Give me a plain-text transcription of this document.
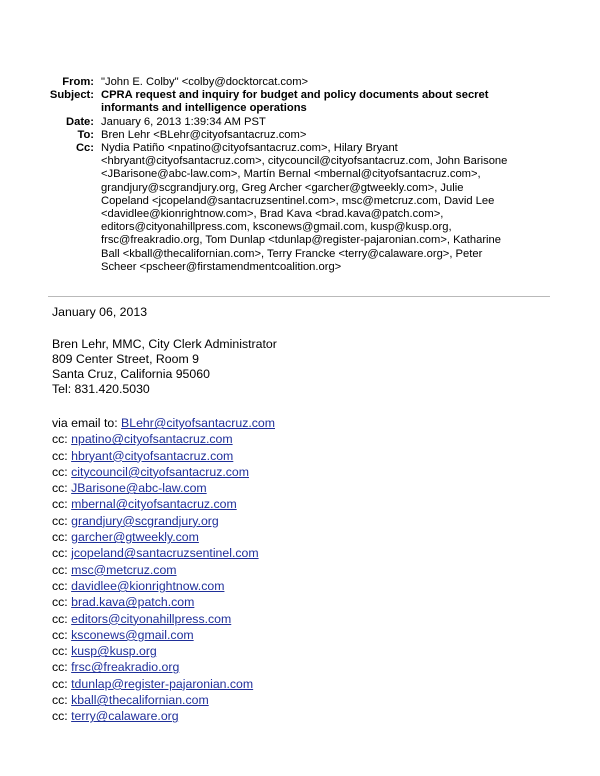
From: "John E. Colby" <colby@docktorcat.com>
Subject: CPRA request and inquiry for budget and policy documents about secret
informants and intelligence operations
Date: January 6, 2013 1:39:34 AM PST
To: Bren Lehr <BLehr@cityofsantacruz.com>
Cc: Nydia Patiño <npatino@cityofsantacruz.com>, Hilary Bryant
<hbryant@cityofsantacruz.com>, citycouncil@cityofsantacruz.com, John Barisone
<JBarisone@abc-law.com>, Martín Bernal <mbernal@cityofsantacruz.com>,
grandjury@scgrandjury.org, Greg Archer <garcher@gtweekly.com>, Julie
Copeland <jcopeland@santacruzsentinel.com>, msc@metcruz.com, David Lee
<davidlee@kionrightnow.com>, Brad Kava <brad.kava@patch.com>,
editors@cityonahillpress.com, ksconews@gmail.com, kusp@kusp.org,
frsc@freakradio.org, Tom Dunlap <tdunlap@register-pajaronian.com>, Katharine
Ball <kball@thecalifornian.com>, Terry Francke <terry@calaware.org>, Peter
Scheer <pscheer@firstamendmentcoalition.org>
January 06, 2013
Bren Lehr, MMC, City Clerk Administrator
809 Center Street, Room 9
Santa Cruz, California 95060
Tel: 831.420.5030
via email to: BLehr@cityofsantacruz.com
cc: npatino@cityofsantacruz.com
cc: hbryant@cityofsantacruz.com
cc: citycouncil@cityofsantacruz.com
cc: JBarisone@abc-law.com
cc: mbernal@cityofsantacruz.com
cc: grandjury@scgrandjury.org
cc: garcher@gtweekly.com
cc: jcopeland@santacruzsentinel.com
cc: msc@metcruz.com
cc: davidlee@kionrightnow.com
cc: brad.kava@patch.com
cc: editors@cityonahillpress.com
cc: ksconews@gmail.com
cc: kusp@kusp.org
cc: frsc@freakradio.org
cc: tdunlap@register-pajaronian.com
cc: kball@thecalifornian.com
cc: terry@calaware.org
